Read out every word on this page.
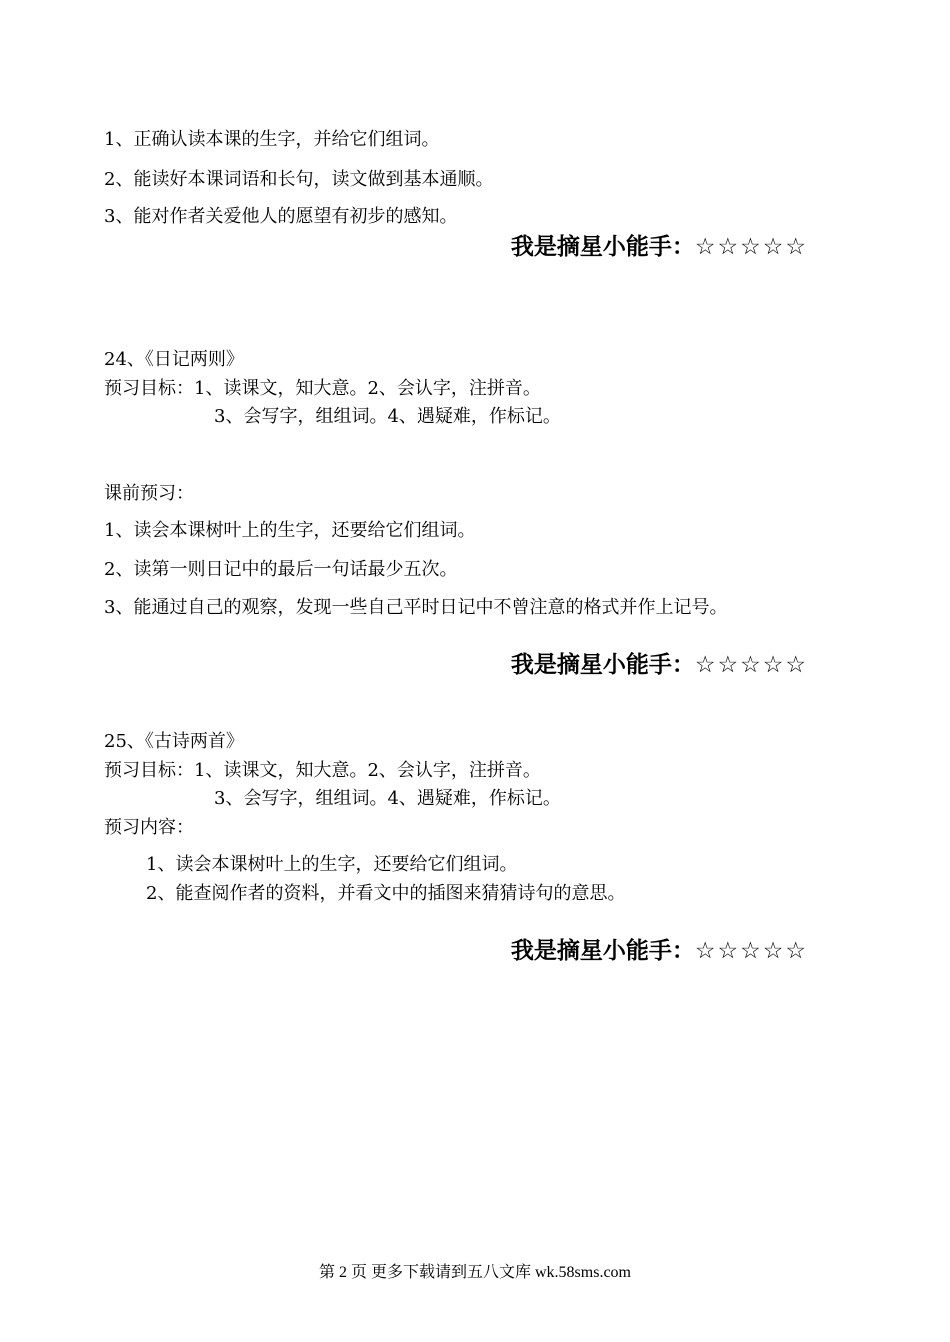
1、正确认读本课的生字，并给它们组词。
2、能读好本课词语和长句，读文做到基本通顺。
3、能对作者关爱他人的愿望有初步的感知。
我是摘星小能手：☆☆☆☆☆
24、《日记两则》
预习目标：1、读课文，知大意。2、会认字，注拼音。
3、会写字，组组词。4、遇疑难，作标记。
课前预习：
1、读会本课树叶上的生字，还要给它们组词。
2、读第一则日记中的最后一句话最少五次。
3、能通过自己的观察，发现一些自己平时日记中不曾注意的格式并作上记号。
我是摘星小能手：☆☆☆☆☆
25、《古诗两首》
预习目标：1、读课文，知大意。2、会认字，注拼音。
3、会写字，组组词。4、遇疑难，作标记。
预习内容：
1、读会本课树叶上的生字，还要给它们组词。
2、能查阅作者的资料，并看文中的插图来猜猜诗句的意思。
我是摘星小能手：☆☆☆☆☆
第 2 页 更多下载请到五八文库 wk.58sms.com
